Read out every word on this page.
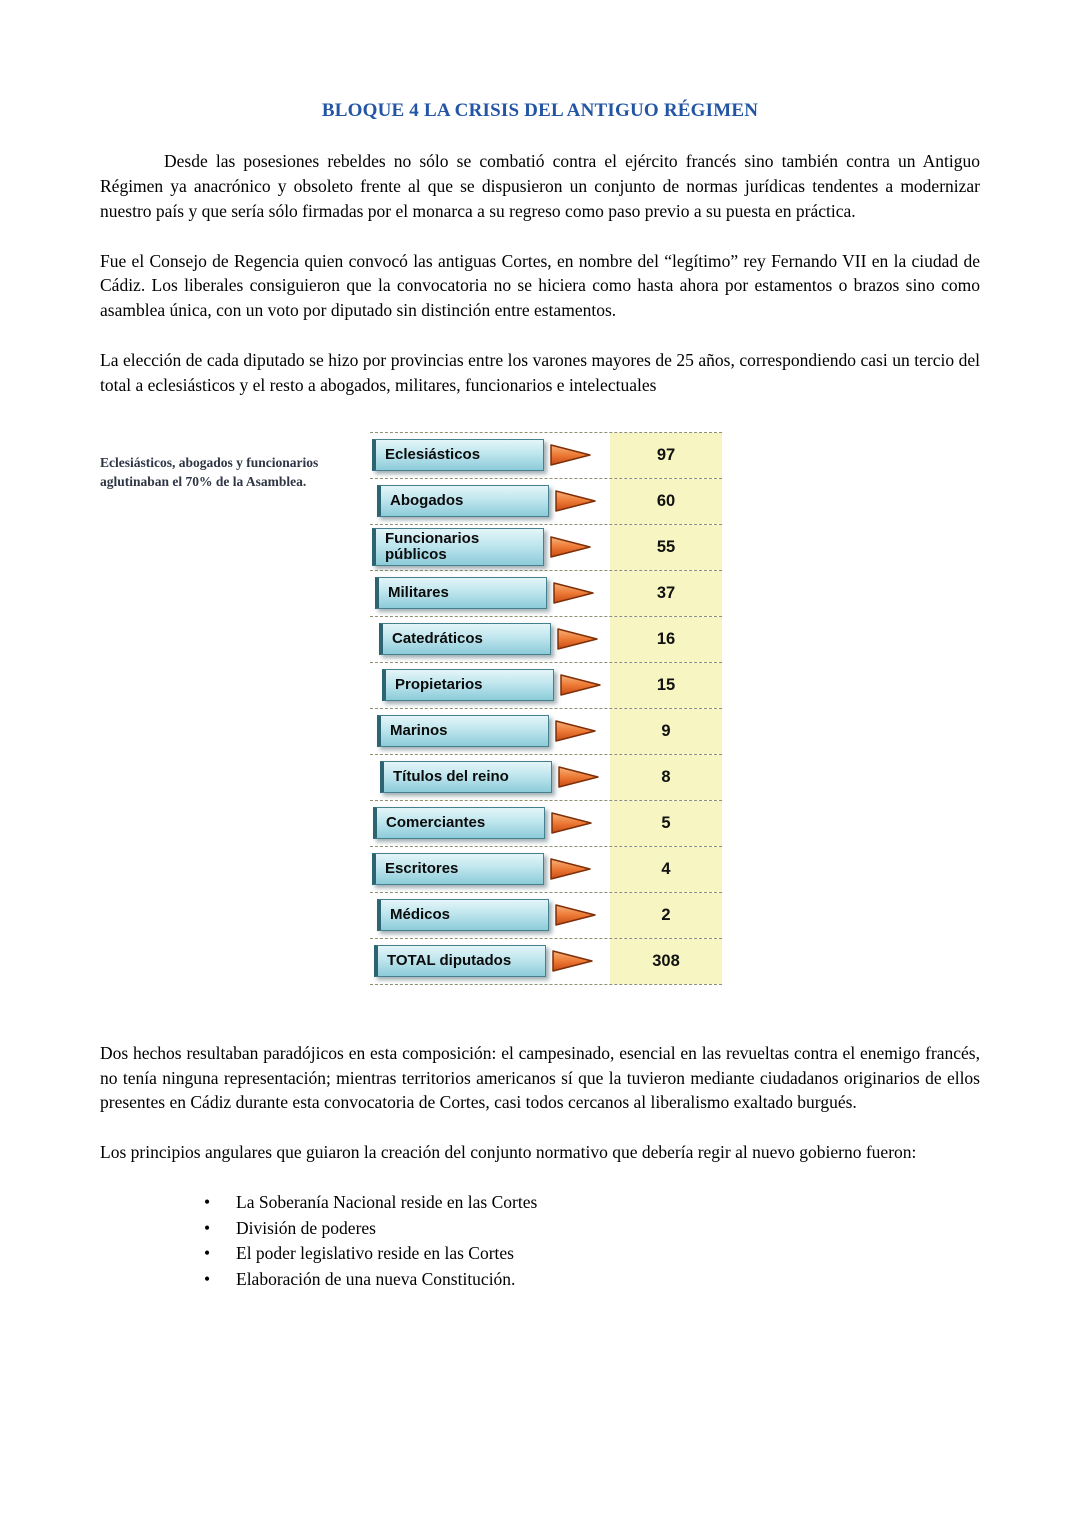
BLOQUE 4 LA CRISIS DEL ANTIGUO RÉGIMEN

Desde las posesiones rebeldes no sólo se combatió contra el ejército francés sino también contra un Antiguo Régimen ya anacrónico y obsoleto frente al que se dispusieron un conjunto de normas jurídicas tendentes a modernizar nuestro país y que sería sólo firmadas por el monarca a su regreso como paso previo a su puesta en práctica.

Fue el Consejo de Regencia quien convocó las antiguas Cortes, en nombre del “legítimo” rey Fernando VII en la ciudad de Cádiz. Los liberales consiguieron que la convocatoria no se hiciera como hasta ahora por estamentos o brazos sino como asamblea única, con un voto por diputado sin distinción entre estamentos.

La elección de cada diputado se hizo por provincias entre los varones mayores de 25 años, correspondiendo casi un tercio del total a eclesiásticos y el resto a abogados, militares, funcionarios e intelectuales

Eclesiásticos, abogados y funcionarios aglutinaban el 70% de la Asamblea.
Eclesiásticos	97
Abogados	60
Funcionarios públicos	55
Militares	37
Catedráticos	16
Propietarios	15
Marinos	9
Títulos del reino	8
Comerciantes	5
Escritores	4
Médicos	2
TOTAL diputados	308

Dos hechos resultaban paradójicos en esta composición: el campesinado, esencial en las revueltas contra el enemigo francés, no tenía ninguna representación; mientras territorios americanos sí que la tuvieron mediante ciudadanos originarios de ellos presentes en Cádiz durante esta convocatoria de Cortes, casi todos cercanos al liberalismo exaltado burgués.

Los principios angulares que guiaron la creación del conjunto normativo que debería regir al nuevo gobierno fueron:

•	La Soberanía Nacional reside en las Cortes
•	División de poderes
•	El poder legislativo reside en las Cortes
•	Elaboración de una nueva Constitución.
